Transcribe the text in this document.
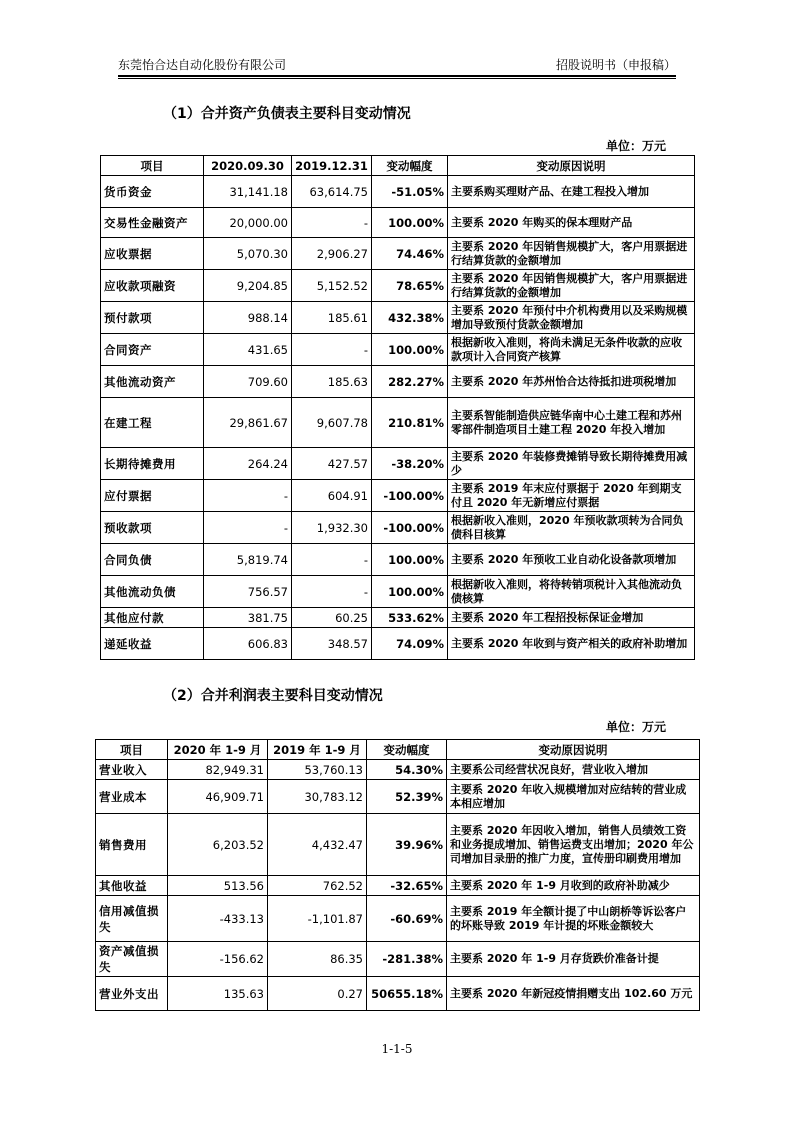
东莞怡合达自动化股份有限公司	招股说明书（申报稿）
（1）合并资产负债表主要科目变动情况
单位：万元
项目	2020.09.30	2019.12.31	变动幅度	变动原因说明
货币资金	31,141.18	63,614.75	-51.05%	主要系购买理财产品、在建工程投入增加
交易性金融资产	20,000.00	-	100.00%	主要系 2020 年购买的保本理财产品
应收票据	5,070.30	2,906.27	74.46%	主要系 2020 年因销售规模扩大，客户用票据进行结算货款的金额增加
应收款项融资	9,204.85	5,152.52	78.65%	主要系 2020 年因销售规模扩大，客户用票据进行结算货款的金额增加
预付款项	988.14	185.61	432.38%	主要系 2020 年预付中介机构费用以及采购规模增加导致预付货款金额增加
合同资产	431.65	-	100.00%	根据新收入准则，将尚未满足无条件收款的应收款项计入合同资产核算
其他流动资产	709.60	185.63	282.27%	主要系 2020 年苏州怡合达待抵扣进项税增加
在建工程	29,861.67	9,607.78	210.81%	主要系智能制造供应链华南中心土建工程和苏州零部件制造项目土建工程 2020 年投入增加
长期待摊费用	264.24	427.57	-38.20%	主要系 2020 年装修费摊销导致长期待摊费用减少
应付票据	-	604.91	-100.00%	主要系 2019 年末应付票据于 2020 年到期支付且 2020 年无新增应付票据
预收款项	-	1,932.30	-100.00%	根据新收入准则，2020 年预收款项转为合同负债科目核算
合同负债	5,819.74	-	100.00%	主要系 2020 年预收工业自动化设备款项增加
其他流动负债	756.57	-	100.00%	根据新收入准则，将待转销项税计入其他流动负债核算
其他应付款	381.75	60.25	533.62%	主要系 2020 年工程招投标保证金增加
递延收益	606.83	348.57	74.09%	主要系 2020 年收到与资产相关的政府补助增加
（2）合并利润表主要科目变动情况
单位：万元
项目	2020 年 1-9 月	2019 年 1-9 月	变动幅度	变动原因说明
营业收入	82,949.31	53,760.13	54.30%	主要系公司经营状况良好，营业收入增加
营业成本	46,909.71	30,783.12	52.39%	主要系 2020 年收入规模增加对应结转的营业成本相应增加
销售费用	6,203.52	4,432.47	39.96%	主要系 2020 年因收入增加，销售人员绩效工资和业务提成增加、销售运费支出增加；2020 年公司增加目录册的推广力度，宣传册印刷费用增加
其他收益	513.56	762.52	-32.65%	主要系 2020 年 1-9 月收到的政府补助减少
信用减值损失	-433.13	-1,101.87	-60.69%	主要系 2019 年全额计提了中山朗桥等诉讼客户的坏账导致 2019 年计提的坏账金额较大
资产减值损失	-156.62	86.35	-281.38%	主要系 2020 年 1-9 月存货跌价准备计提
营业外支出	135.63	0.27	50655.18%	主要系 2020 年新冠疫情捐赠支出 102.60 万元
1-1-5
